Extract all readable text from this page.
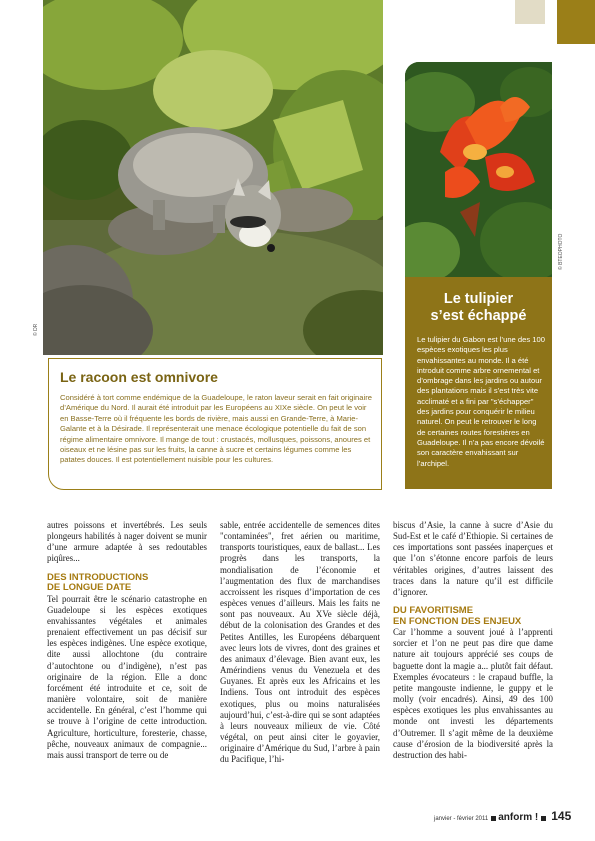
© DR
© BTEOPHOTO
Le tulipier
s’est échappé

Le tulipier du Gabon est l’une des 100 espèces exotiques les plus envahissantes au monde. Il a été introduit comme arbre ornemental et d’ombrage dans les jardins ou autour des plantations mais il s’est très vite acclimaté et a fini par "s’échapper" des jardins pour conquérir le milieu naturel. On peut le retrouver le long de certaines routes forestières en Guadeloupe. Il n’a pas encore dévoilé son caractère envahissant sur l’archipel.

Le racoon est omnivore

Considéré à tort comme endémique de la Guadeloupe, le raton laveur serait en fait originaire d’Amérique du Nord. Il aurait été introduit par les Européens au XIXe siècle. On peut le voir en Basse-Terre où il fréquente les bords de rivière, mais aussi en Grande-Terre, à Marie-Galante et à la Désirade. Il représenterait une menace écologique potentielle du fait de son régime alimentaire omnivore. Il mange de tout : crustacés, mollusques, poissons, anoures et oiseaux et ne lésine pas sur les fruits, la canne à sucre et certains légumes comme les patates douces. Il est potentiellement nuisible pour les cultures.

autres poissons et invertébrés. Les seuls plongeurs habilités à nager doivent se munir d’une armure adaptée à ses redoutables piqûres...

DES INTRODUCTIONS
DE LONGUE DATE

Tel pourrait être le scénario catastrophe en Guadeloupe si les espèces exotiques envahissantes végétales et animales prenaient effectivement un pas décisif sur les espèces indigènes. Une espèce exotique, dite aussi allochtone (du contraire d’autochtone ou d’indigène), n’est pas originaire de la région. Elle a donc forcément été introduite et ce, soit de manière volontaire, soit de manière accidentelle. En général, c’est l’homme qui se trouve à l’origine de cette introduction. Agriculture, horticulture, foresterie, chasse, pêche, nouveaux animaux de compagnie... mais aussi transport de terre ou de

sable, entrée accidentelle de semences dites "contaminées", fret aérien ou maritime, transports touristiques, eaux de ballast... Les progrès dans les transports, la mondialisation de l’économie et l’augmentation des flux de marchandises accroissent les risques d’importation de ces espèces venues d’ailleurs. Mais les faits ne sont pas nouveaux. Au XVe siècle déjà, début de la colonisation des Grandes et des Petites Antilles, les Européens débarquent avec leurs lots de vivres, dont des graines et des animaux d’élevage. Bien avant eux, les Amérindiens venus du Venezuela et des Guyanes. Et après eux les Africains et les Indiens. Tous ont introduit des espèces exotiques, plus ou moins naturalisées aujourd’hui, c’est-à-dire qui se sont adaptées à leurs nouveaux milieux de vie. Côté végétal, on peut ainsi citer le goyavier, originaire d’Amérique du Sud, l’arbre à pain du Pacifique, l’hi-

biscus d’Asie, la canne à sucre d’Asie du Sud-Est et le café d’Ethiopie. Si certaines de ces importations sont passées inaperçues et que l’on s’étonne encore parfois de leurs véritables origines, d’autres laissent des traces dans la nature qu’il est difficile d’ignorer.

DU FAVORITISME
EN FONCTION DES ENJEUX

Car l’homme a souvent joué à l’apprenti sorcier et l’on ne peut pas dire que dame nature ait toujours apprécié ses coups de baguette dont la magie a... plutôt fait défaut. Exemples évocateurs : le crapaud buffle, la petite mangouste indienne, le guppy et le molly (voir encadrés). Ainsi, 49 des 100 espèces exotiques les plus envahissantes au monde ont investi les départements d’Outremer. Il s’agit même de la deuxième cause d’érosion de la biodiversité après la destruction des habi-

janvier - février 2011 anform ! 145
